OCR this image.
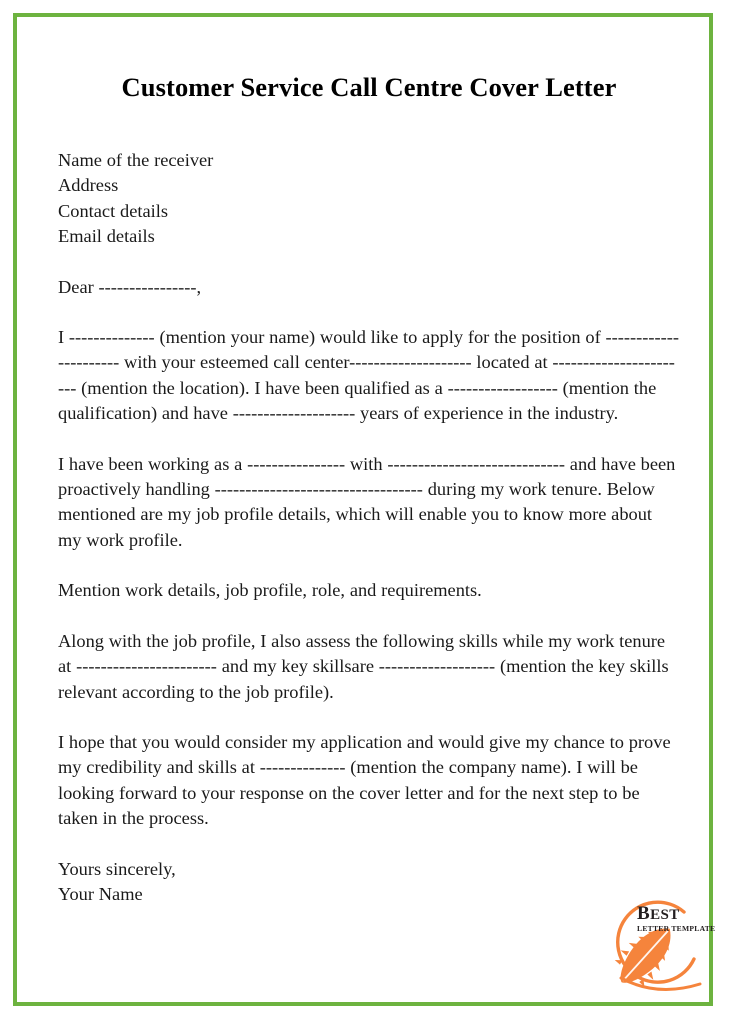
Customer Service Call Centre Cover Letter

Name of the receiver

Address

Contact details

Email details

Dear ----------------,

I -------------- (mention your name) would like to apply for the position of ---------------------- with your esteemed call center-------------------- located at ----------------------- (mention the location). I have been qualified as a ------------------ (mention the qualification) and have -------------------- years of experience in the industry.

I have been working as a ---------------- with ----------------------------- and have been proactively handling ---------------------------------- during my work tenure. Below mentioned are my job profile details, which will enable you to know more about my work profile.

Mention work details, job profile, role, and requirements.

Along with the job profile, I also assess the following skills while my work tenure at ----------------------- and my key skillsare ------------------- (mention the key skills relevant according to the job profile).

I hope that you would consider my application and would give my chance to prove my credibility and skills at -------------- (mention the company name). I will be looking forward to your response on the cover letter and for the next step to be taken in the process.

Yours sincerely,

Your Name

BEST
LETTER TEMPLATE
